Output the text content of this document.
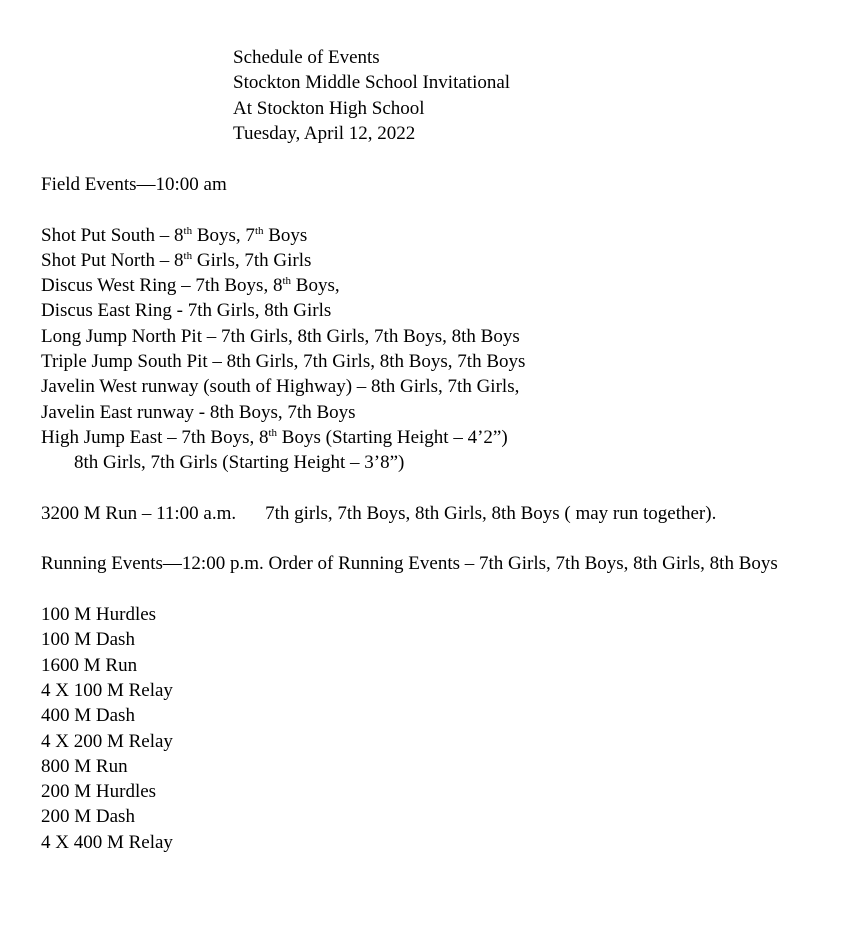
Schedule of Events
Stockton Middle School Invitational
At Stockton High School
Tuesday, April 12, 2022
Field Events—10:00 am
Shot Put South – 8th Boys, 7th Boys
Shot Put North – 8th Girls, 7th Girls
Discus West Ring – 7th Boys, 8th Boys,
Discus East Ring - 7th Girls, 8th Girls
Long Jump North Pit – 7th Girls, 8th Girls, 7th Boys, 8th Boys
Triple Jump South Pit – 8th Girls, 7th Girls, 8th Boys, 7th Boys
Javelin West runway (south of Highway) – 8th Girls, 7th Girls,
Javelin East runway - 8th Boys, 7th Boys
High Jump East – 7th Boys, 8th Boys (Starting Height – 4’2”)
8th Girls, 7th Girls (Starting Height – 3’8”)
3200 M Run – 11:00 a.m. 7th girls, 7th Boys, 8th Girls, 8th Boys ( may run together).
Running Events—12:00 p.m. Order of Running Events – 7th Girls, 7th Boys, 8th Girls, 8th Boys
100 M Hurdles
100 M Dash
1600 M Run
4 X 100 M Relay
400 M Dash
4 X 200 M Relay
800 M Run
200 M Hurdles
200 M Dash
4 X 400 M Relay
